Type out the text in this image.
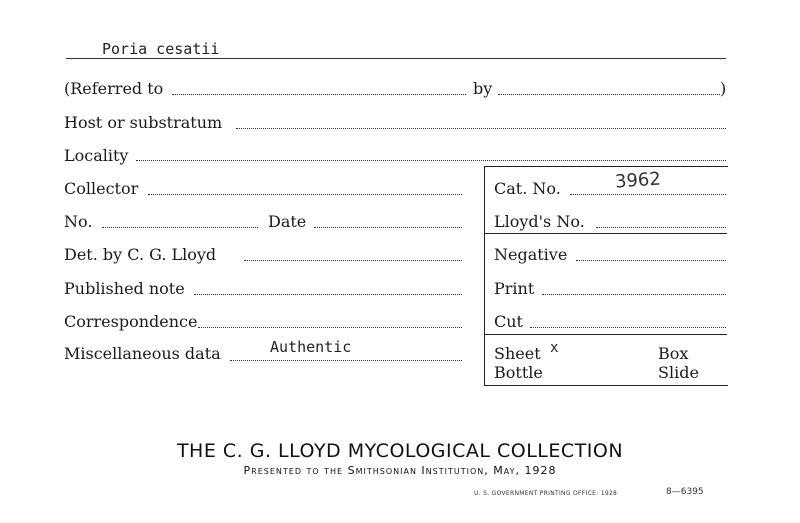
Poria cesatii
(Referred to	by	)
Host or substratum
Locality
Collector
No.	Date
Det. by C. G. Lloyd
Published note
Correspondence
Miscellaneous data	Authentic
Cat. No.	3962
Lloyd's No.
Negative
Print
Cut
Sheet x	Box
Bottle	Slide
THE C. G. LLOYD MYCOLOGICAL COLLECTION
Presented to the Smithsonian Institution, May, 1928
U. S. GOVERNMENT PRINTING OFFICE: 1928	8—6395
